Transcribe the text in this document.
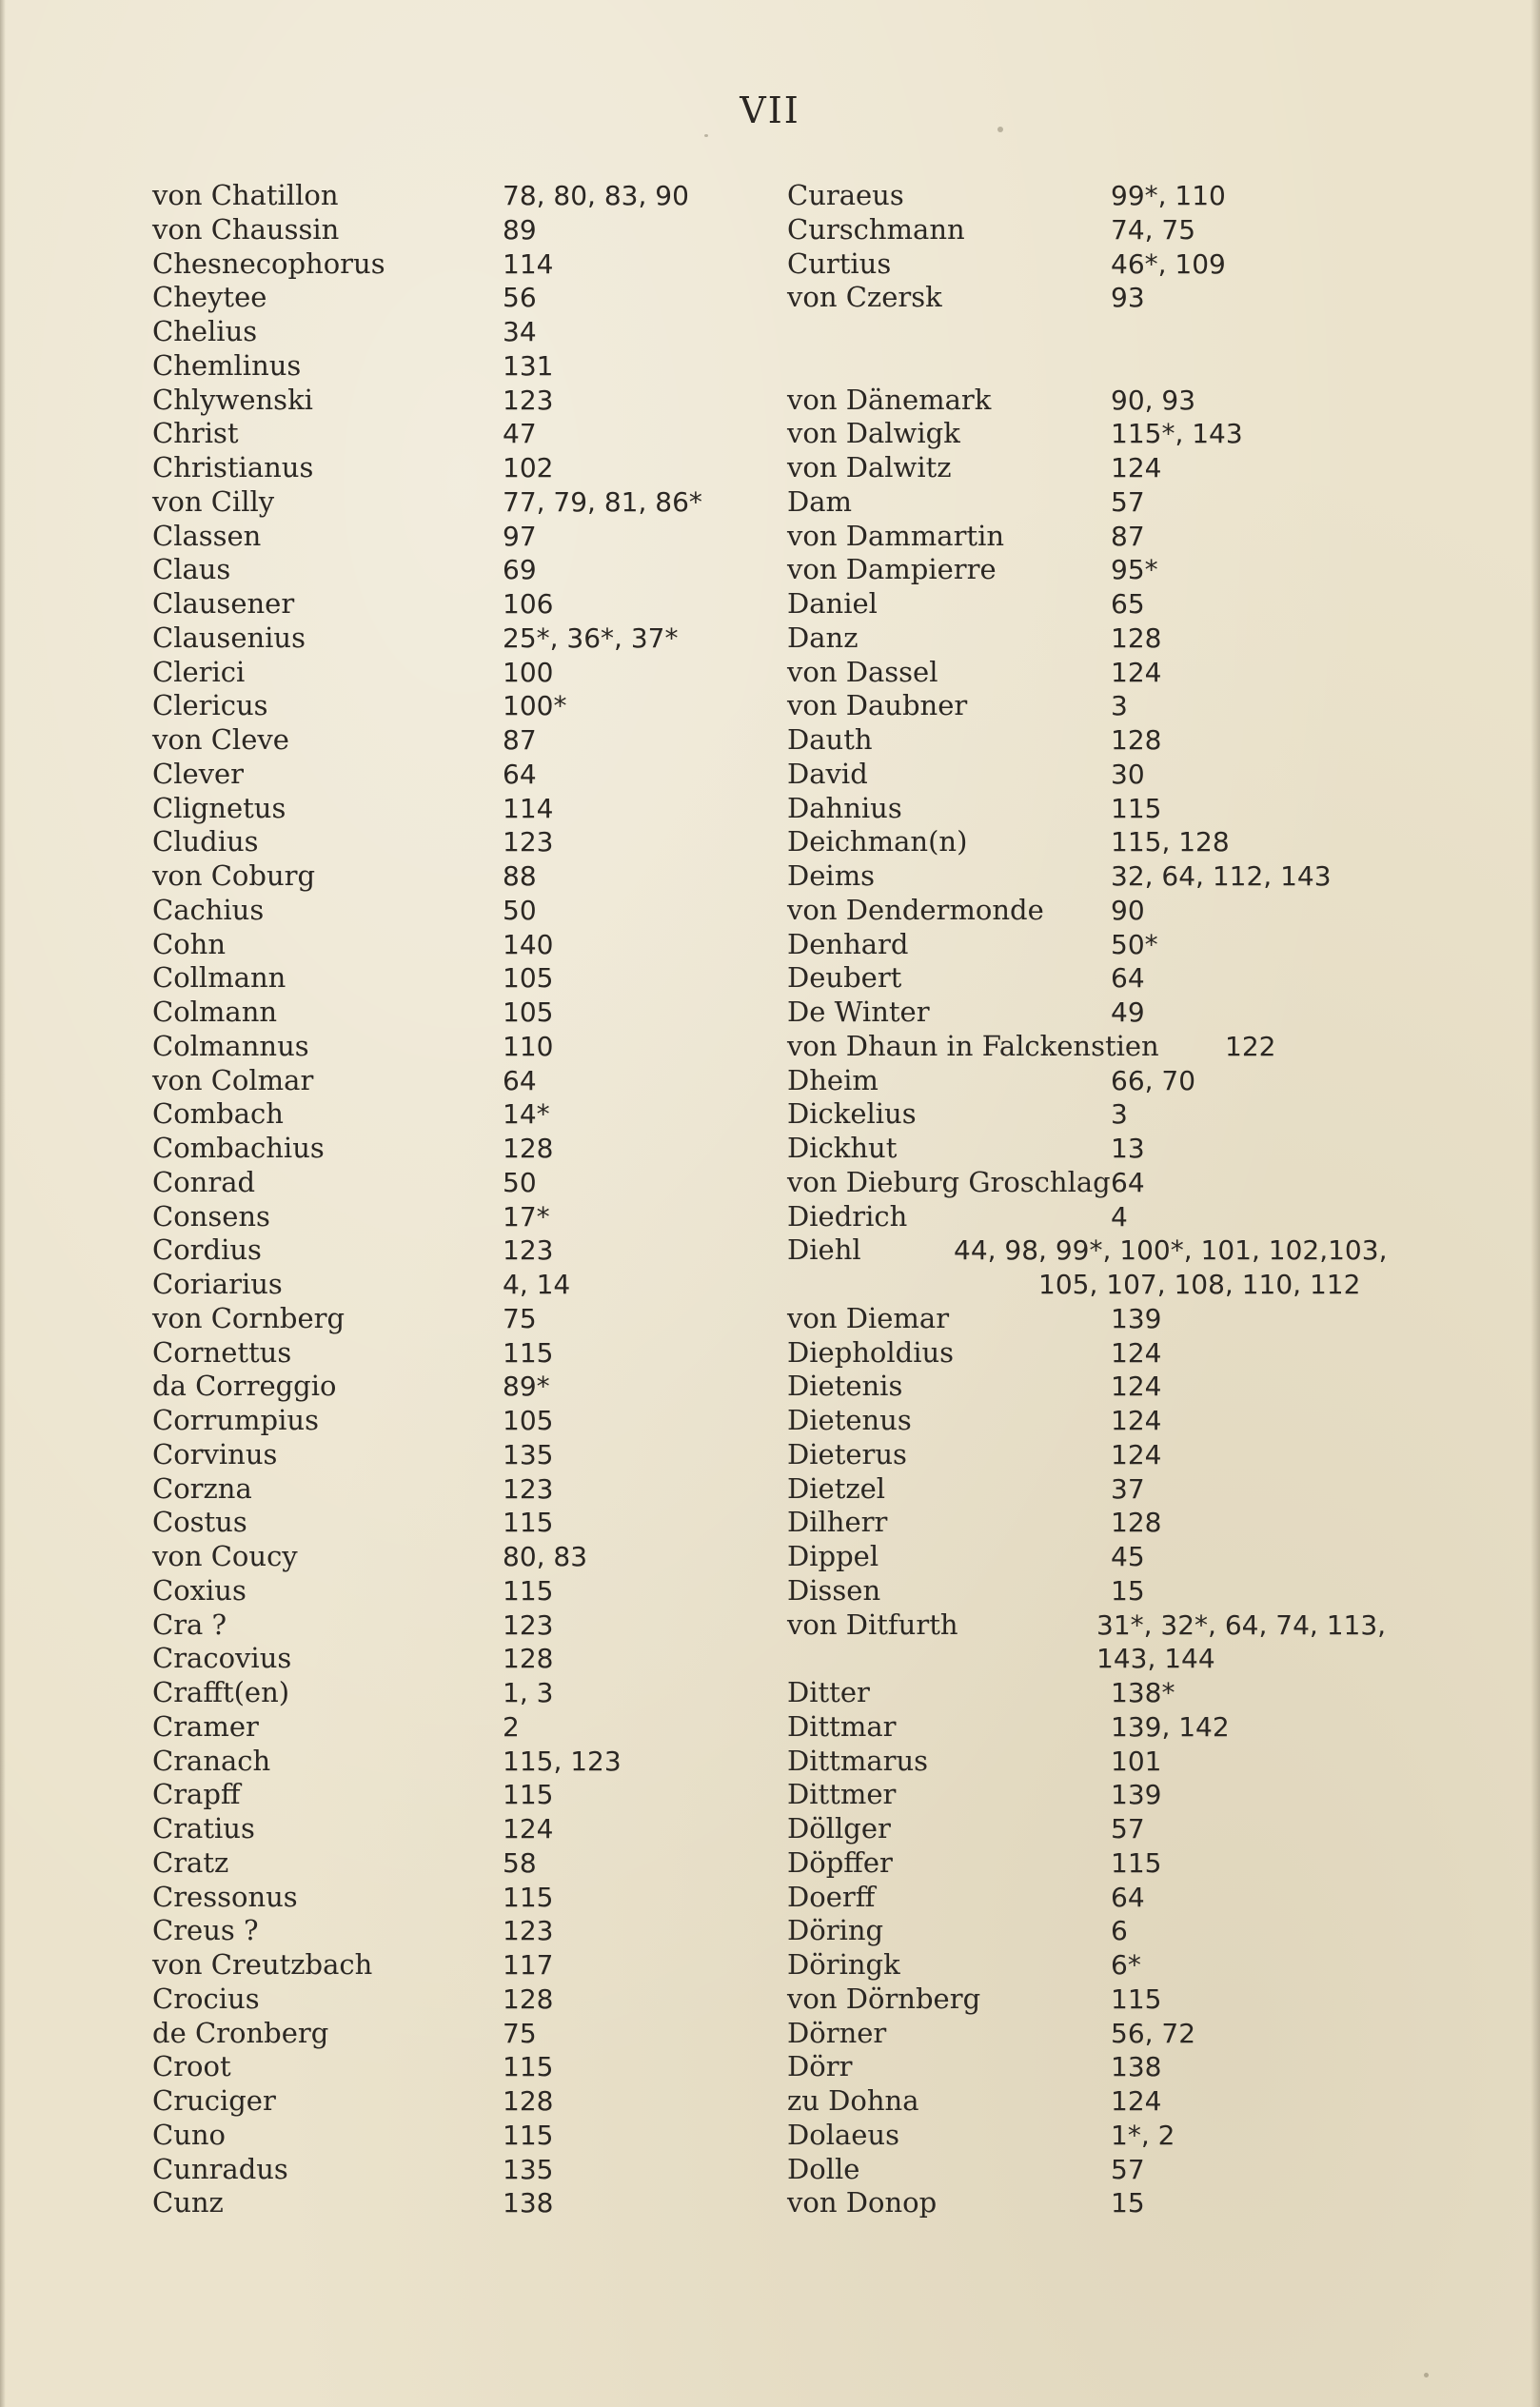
VII
von Chatillon	78, 80, 83, 90
von Chaussin	89
Chesnecophorus	114
Cheytee	56
Chelius	34
Chemlinus	131
Chlywenski	123
Christ	47
Christianus	102
von Cilly	77, 79, 81, 86*
Classen	97
Claus	69
Clausener	106
Clausenius	25*, 36*, 37*
Clerici	100
Clericus	100*
von Cleve	87
Clever	64
Clignetus	114
Cludius	123
von Coburg	88
Cachius	50
Cohn	140
Collmann	105
Colmann	105
Colmannus	110
von Colmar	64
Combach	14*
Combachius	128
Conrad	50
Consens	17*
Cordius	123
Coriarius	4, 14
von Cornberg	75
Cornettus	115
da Correggio	89*
Corrumpius	105
Corvinus	135
Corzna	123
Costus	115
von Coucy	80, 83
Coxius	115
Cra ?	123
Cracovius	128
Crafft(en)	1, 3
Cramer	2
Cranach	115, 123
Crapff	115
Cratius	124
Cratz	58
Cressonus	115
Creus ?	123
von Creutzbach	117
Crocius	128
de Cronberg	75
Croot	115
Cruciger	128
Cuno	115
Cunradus	135
Cunz	138
Curaeus	99*, 110
Curschmann	74, 75
Curtius	46*, 109
von Czersk	93
von Dänemark	90, 93
von Dalwigk	115*, 143
von Dalwitz	124
Dam	57
von Dammartin	87
von Dampierre	95*
Daniel	65
Danz	128
von Dassel	124
von Daubner	3
Dauth	128
David	30
Dahnius	115
Deichman(n)	115, 128
Deims	32, 64, 112, 143
von Dendermonde	90
Denhard	50*
Deubert	64
De Winter	49
von Dhaun in Falckenstien 122
Dheim	66, 70
Dickelius	3
Dickhut	13
von Dieburg Groschlag 64
Diedrich	4
Diehl	44, 98, 99*, 100*, 101, 102,103,
105, 107, 108, 110, 112
von Diemar	139
Diepholdius	124
Dietenis	124
Dietenus	124
Dieterus	124
Dietzel	37
Dilherr	128
Dippel	45
Dissen	15
von Ditfurth	31*, 32*, 64, 74, 113,
143, 144
Ditter	138*
Dittmar	139, 142
Dittmarus	101
Dittmer	139
Döllger	57
Döpffer	115
Doerff	64
Döring	6
Döringk	6*
von Dörnberg	115
Dörner	56, 72
Dörr	138
zu Dohna	124
Dolaeus	1*, 2
Dolle	57
von Donop	15
